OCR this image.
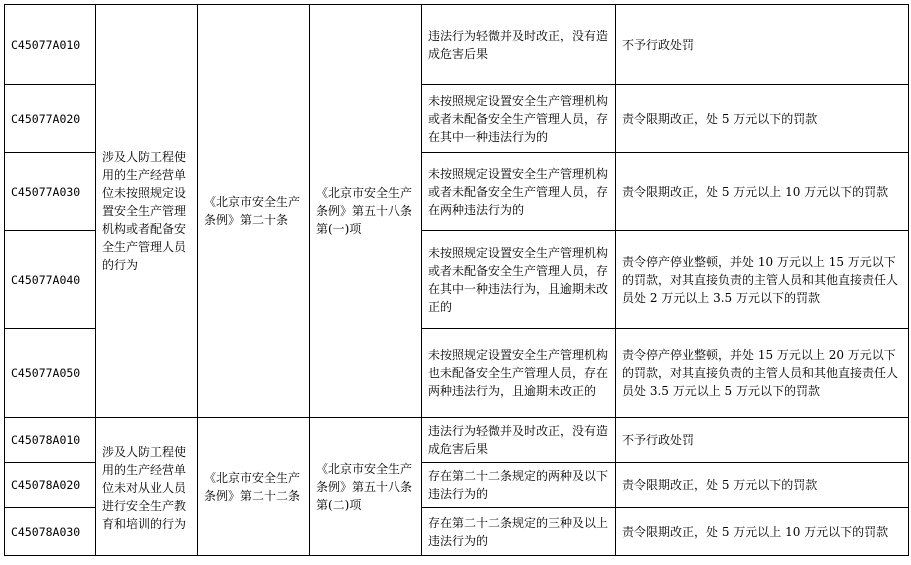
C45077A010	涉及人防工程使用的生产经营单位未按照规定设置安全生产管理机构或者配备安全生产管理人员的行为	《北京市安全生产条例》第二十条	《北京市安全生产条例》第五十八条第(一)项	违法行为轻微并及时改正，没有造成危害后果	不予行政处罚
C45077A020				未按照规定设置安全生产管理机构或者未配备安全生产管理人员，存在其中一种违法行为的	责令限期改正，处 5 万元以下的罚款
C45077A030				未按照规定设置安全生产管理机构或者未配备安全生产管理人员，存在两种违法行为的	责令限期改正，处 5 万元以上 10 万元以下的罚款
C45077A040				未按照规定设置安全生产管理机构或者未配备安全生产管理人员，存在其中一种违法行为，且逾期未改正的	责令停产停业整顿，并处 10 万元以上 15 万元以下的罚款，对其直接负责的主管人员和其他直接责任人员处 2 万元以上 3.5 万元以下的罚款
C45077A050				未按照规定设置安全生产管理机构也未配备安全生产管理人员，存在两种违法行为，且逾期未改正的	责令停产停业整顿，并处 15 万元以上 20 万元以下的罚款，对其直接负责的主管人员和其他直接责任人员处 3.5 万元以上 5 万元以下的罚款
C45078A010	涉及人防工程使用的生产经营单位未对从业人员进行安全生产教育和培训的行为	《北京市安全生产条例》第二十二条	《北京市安全生产条例》第五十八条第(二)项	违法行为轻微并及时改正，没有造成危害后果	不予行政处罚
C45078A020				存在第二十二条规定的两种及以下违法行为的	责令限期改正，处 5 万元以下的罚款
C45078A030				存在第二十二条规定的三种及以上违法行为的	责令限期改正，处 5 万元以上 10 万元以下的罚款
